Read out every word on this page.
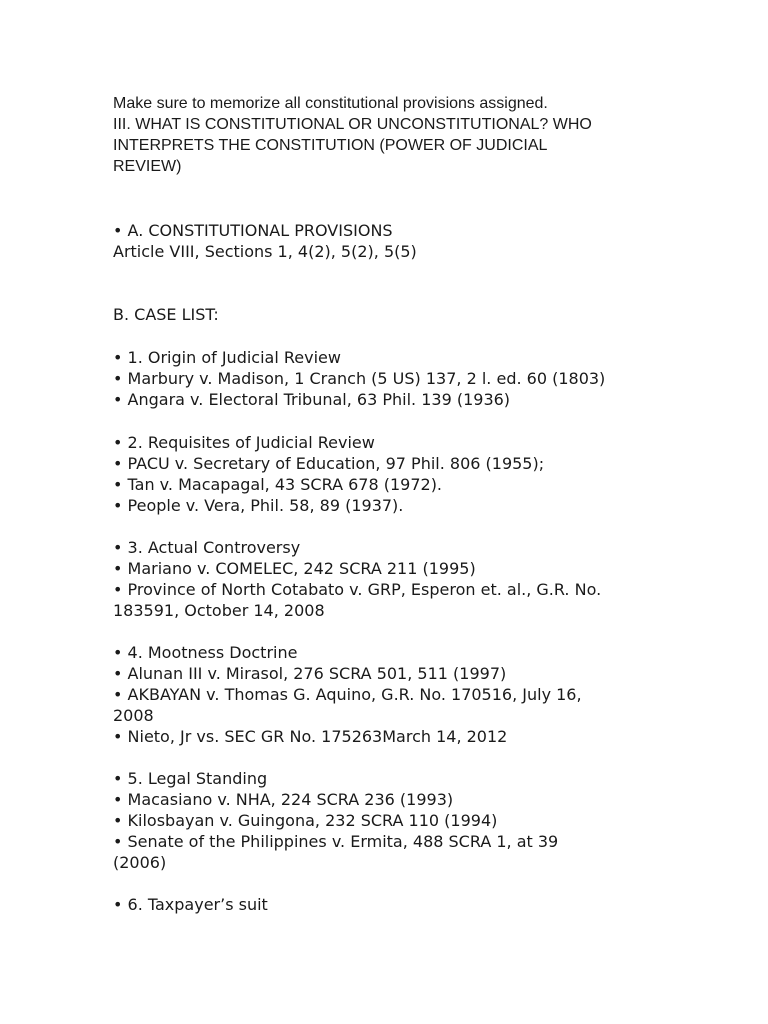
Make sure to memorize all constitutional provisions assigned.
III. WHAT IS CONSTITUTIONAL OR UNCONSTITUTIONAL? WHO
INTERPRETS THE CONSTITUTION (POWER OF JUDICIAL
REVIEW)
• A. CONSTITUTIONAL PROVISIONS
Article VIII, Sections 1, 4(2), 5(2), 5(5)
B. CASE LIST:
• 1. Origin of Judicial Review
• Marbury v. Madison, 1 Cranch (5 US) 137, 2 l. ed. 60 (1803)
• Angara v. Electoral Tribunal, 63 Phil. 139 (1936)
• 2. Requisites of Judicial Review
• PACU v. Secretary of Education, 97 Phil. 806 (1955);
• Tan v. Macapagal, 43 SCRA 678 (1972).
• People v. Vera, Phil. 58, 89 (1937).
• 3. Actual Controversy
• Mariano v. COMELEC, 242 SCRA 211 (1995)
• Province of North Cotabato v. GRP, Esperon et. al., G.R. No.
183591, October 14, 2008
• 4. Mootness Doctrine
• Alunan III v. Mirasol, 276 SCRA 501, 511 (1997)
• AKBAYAN v. Thomas G. Aquino, G.R. No. 170516, July 16,
2008
• Nieto, Jr vs. SEC GR No. 175263March 14, 2012
• 5. Legal Standing
• Macasiano v. NHA, 224 SCRA 236 (1993)
• Kilosbayan v. Guingona, 232 SCRA 110 (1994)
• Senate of the Philippines v. Ermita, 488 SCRA 1, at 39
(2006)
• 6. Taxpayer’s suit
